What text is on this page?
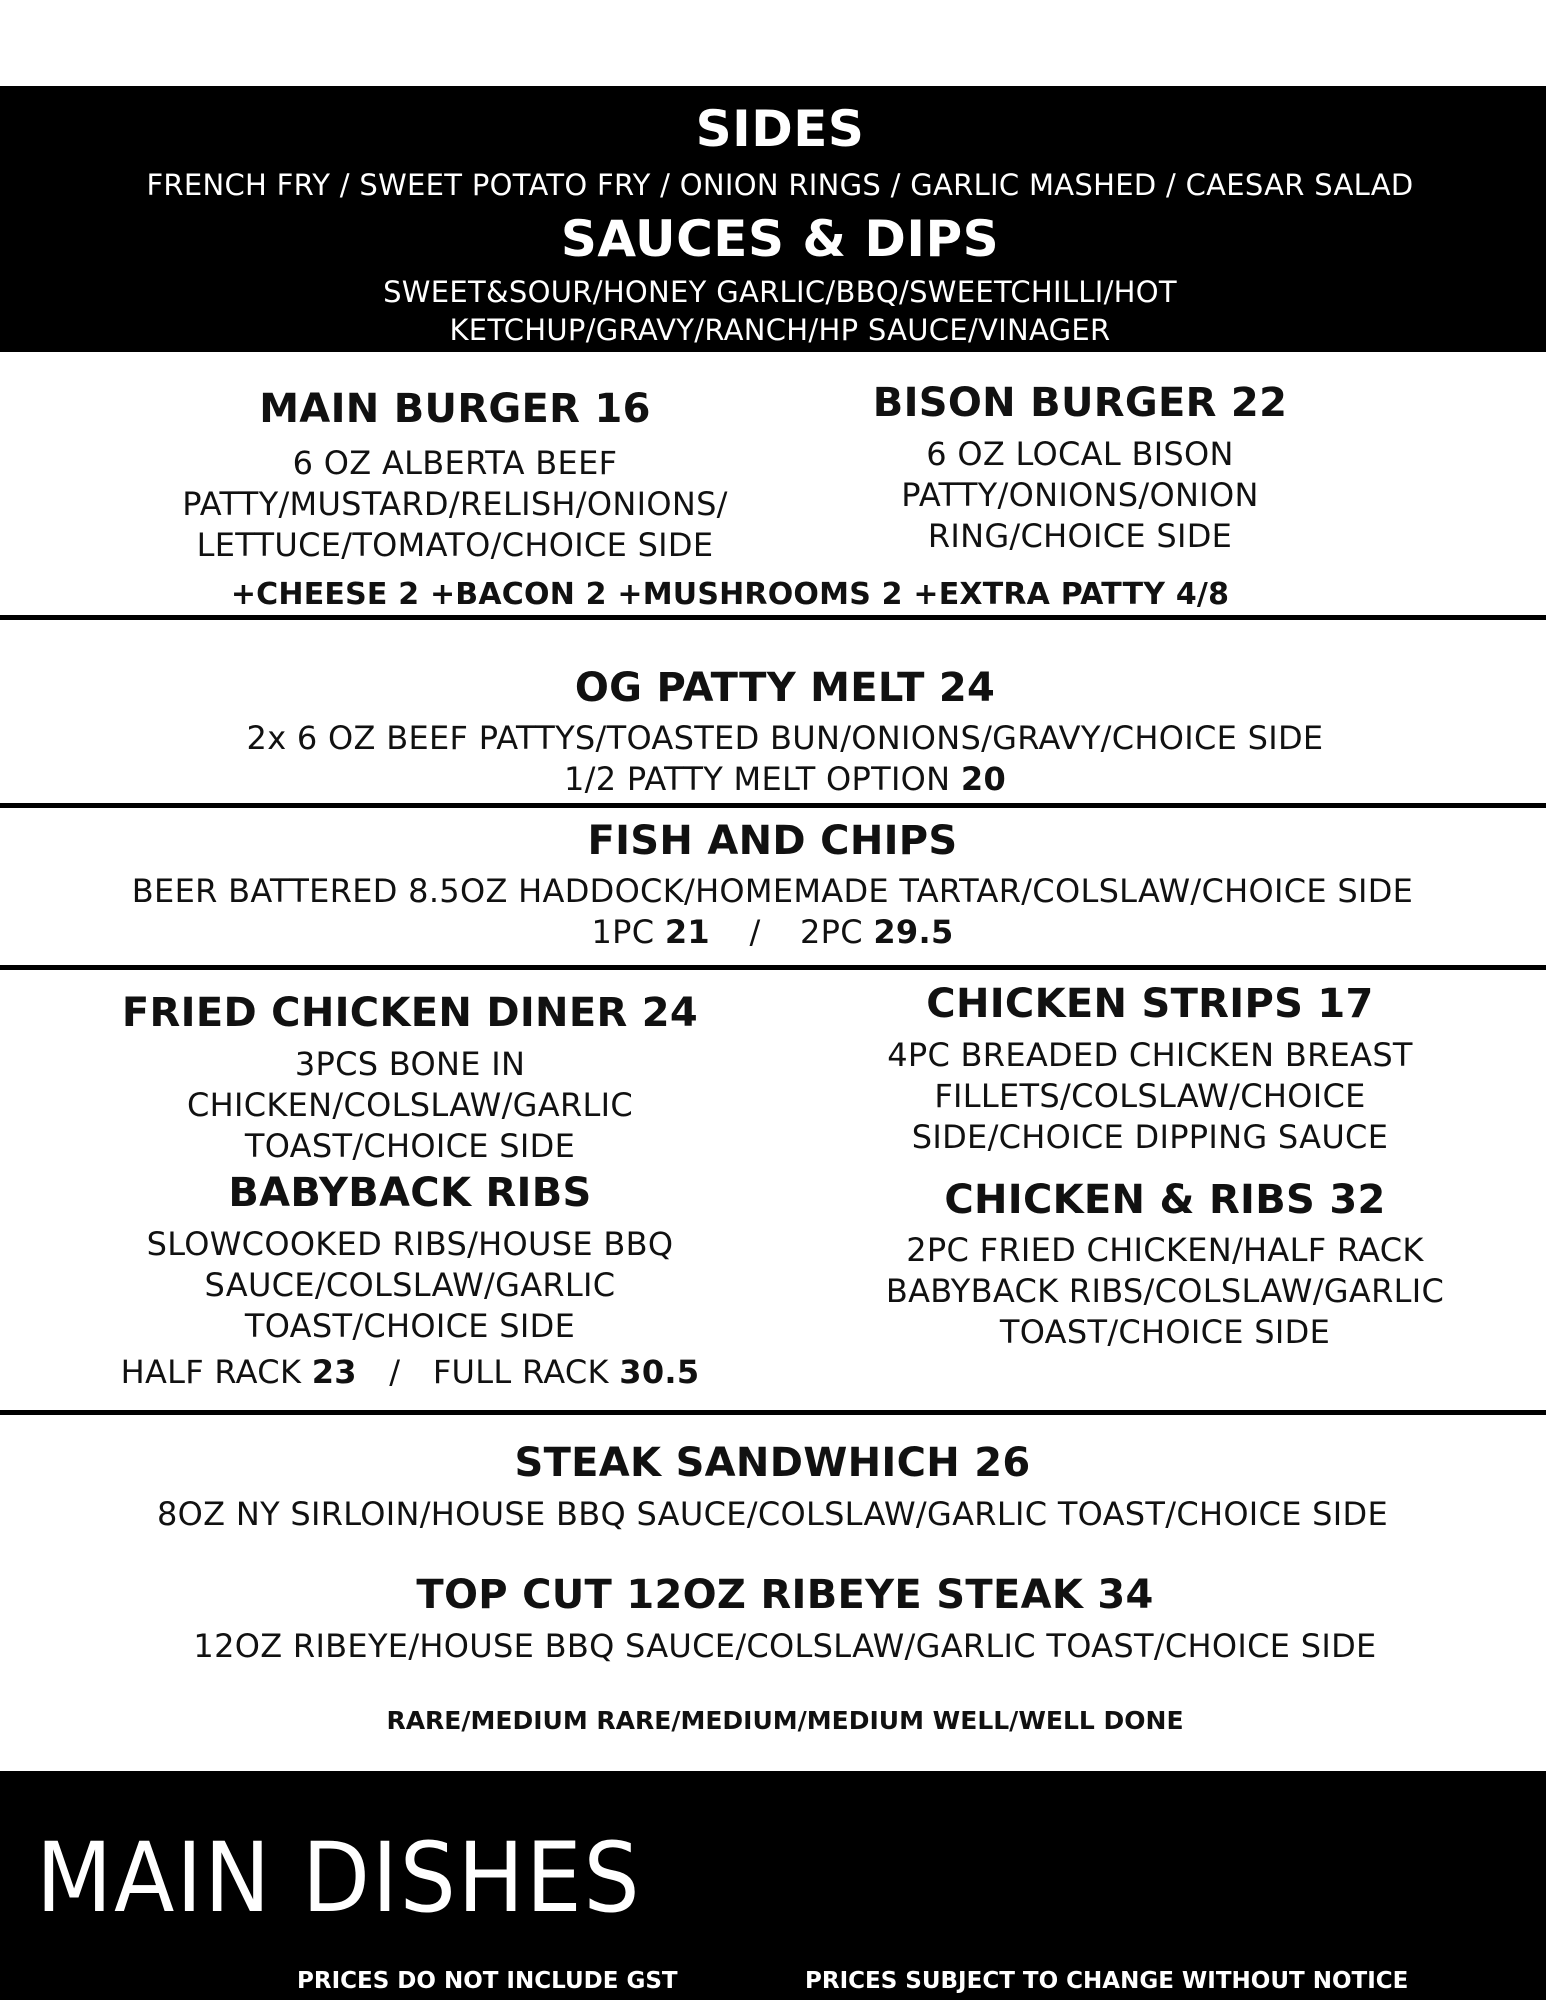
SIDES
FRENCH FRY / SWEET POTATO FRY / ONION RINGS / GARLIC MASHED / CAESAR SALAD
SAUCES & DIPS
SWEET&SOUR/HONEY GARLIC/BBQ/SWEETCHILLI/HOT
KETCHUP/GRAVY/RANCH/HP SAUCE/VINAGER
MAIN BURGER 16
6 OZ ALBERTA BEEF
PATTY/MUSTARD/RELISH/ONIONS/
LETTUCE/TOMATO/CHOICE SIDE
BISON BURGER 22
6 OZ LOCAL BISON
PATTY/ONIONS/ONION
RING/CHOICE SIDE
+CHEESE 2 +BACON 2 +MUSHROOMS 2 +EXTRA PATTY 4/8
OG PATTY MELT 24
2x 6 OZ BEEF PATTYS/TOASTED BUN/ONIONS/GRAVY/CHOICE SIDE
1/2 PATTY MELT OPTION 20
FISH AND CHIPS
BEER BATTERED 8.5OZ HADDOCK/HOMEMADE TARTAR/COLSLAW/CHOICE SIDE
1PC 21 / 2PC 29.5
FRIED CHICKEN DINER 24
3PCS BONE IN
CHICKEN/COLSLAW/GARLIC
TOAST/CHOICE SIDE
BABYBACK RIBS
SLOWCOOKED RIBS/HOUSE BBQ
SAUCE/COLSLAW/GARLIC
TOAST/CHOICE SIDE
HALF RACK 23 / FULL RACK 30.5
CHICKEN STRIPS 17
4PC BREADED CHICKEN BREAST
FILLETS/COLSLAW/CHOICE
SIDE/CHOICE DIPPING SAUCE
CHICKEN & RIBS 32
2PC FRIED CHICKEN/HALF RACK
BABYBACK RIBS/COLSLAW/GARLIC
TOAST/CHOICE SIDE
STEAK SANDWHICH 26
8OZ NY SIRLOIN/HOUSE BBQ SAUCE/COLSLAW/GARLIC TOAST/CHOICE SIDE
TOP CUT 12OZ RIBEYE STEAK 34
12OZ RIBEYE/HOUSE BBQ SAUCE/COLSLAW/GARLIC TOAST/CHOICE SIDE
RARE/MEDIUM RARE/MEDIUM/MEDIUM WELL/WELL DONE
MAIN DISHES
PRICES DO NOT INCLUDE GST	PRICES SUBJECT TO CHANGE WITHOUT NOTICE
